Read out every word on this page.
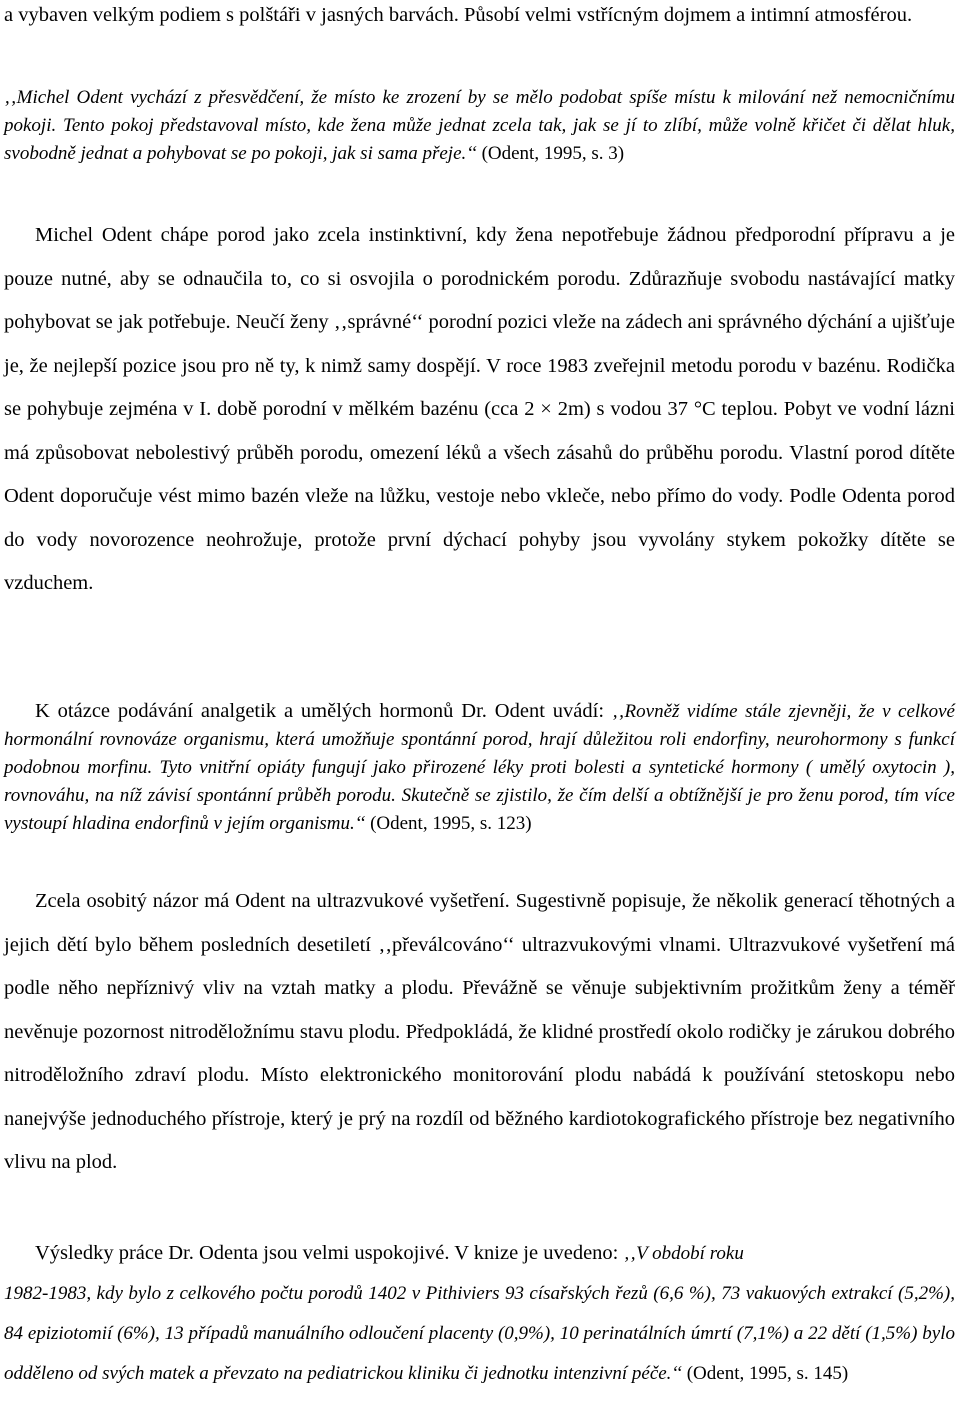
a vybaven velkým podiem s polštáři v jasných barvách. Působí velmi vstřícným dojmem a intimní atmosférou.

‚‚Michel Odent vychází z přesvědčení, že místo ke zrození by se mělo podobat spíše místu k milování než nemocničnímu pokoji. Tento pokoj představoval místo, kde žena může jednat zcela tak, jak se jí to zlíbí, může volně křičet či dělat hluk, svobodně jednat a pohybovat se po pokoji, jak si sama přeje.‘‘ (Odent, 1995, s. 3)

Michel Odent chápe porod jako zcela instinktivní, kdy žena nepotřebuje žádnou předporodní přípravu a je pouze nutné, aby se odnaučila to, co si osvojila o porodnickém porodu. Zdůrazňuje svobodu nastávající matky pohybovat se jak potřebuje. Neučí ženy ‚‚správné‘‘ porodní pozici vleže na zádech ani správného dýchání a ujišťuje je, že nejlepší pozice jsou pro ně ty, k nimž samy dospějí. V roce 1983 zveřejnil metodu porodu v bazénu. Rodička se pohybuje zejména v I. době porodní v mělkém bazénu (cca 2 × 2m) s vodou 37 °C teplou. Pobyt ve vodní lázni má způsobovat nebolestivý průběh porodu, omezení léků a všech zásahů do průběhu porodu. Vlastní porod dítěte Odent doporučuje vést mimo bazén vleže na lůžku, vestoje nebo vkleče, nebo přímo do vody. Podle Odenta porod do vody novorozence neohrožuje, protože první dýchací pohyby jsou vyvolány stykem pokožky dítěte se vzduchem.

K otázce podávání analgetik a umělých hormonů Dr. Odent uvádí: ‚‚Rovněž vidíme stále zjevněji, že v celkové hormonální rovnováze organismu, která umožňuje spontánní porod, hrají důležitou roli endorfiny, neurohormony s funkcí podobnou morfinu. Tyto vnitřní opiáty fungují jako přirozené léky proti bolesti a syntetické hormony ( umělý oxytocin ), rovnováhu, na níž závisí spontánní průběh porodu. Skutečně se zjistilo, že čím delší a obtížnější je pro ženu porod, tím více vystoupí hladina endorfinů v jejím organismu.‘‘ (Odent, 1995, s. 123)

Zcela osobitý názor má Odent na ultrazvukové vyšetření. Sugestivně popisuje, že několik generací těhotných a jejich dětí bylo během posledních desetiletí ‚‚převálcováno‘‘ ultrazvukovými vlnami. Ultrazvukové vyšetření má podle něho nepříznivý vliv na vztah matky a plodu. Převážně se věnuje subjektivním prožitkům ženy a téměř nevěnuje pozornost nitroděložnímu stavu plodu. Předpokládá, že klidné prostředí okolo rodičky je zárukou dobrého nitroděložního zdraví plodu. Místo elektronického monitorování plodu nabádá k používání stetoskopu nebo nanejvýše jednoduchého přístroje, který je prý na rozdíl od běžného kardiotokografického přístroje bez negativního vlivu na plod.

Výsledky práce Dr. Odenta jsou velmi uspokojivé. V knize je uvedeno: ‚‚V období roku

1982-1983, kdy bylo z celkového počtu porodů 1402 v Pithiviers 93 císařských řezů (6,6 %), 73 vakuových extrakcí (5,2%), 84 epiziotomií (6%), 13 případů manuálního odloučení placenty (0,9%), 10 perinatálních úmrtí (7,1%) a 22 dětí (1,5%) bylo odděleno od svých matek a převzato na pediatrickou kliniku či jednotku intenzivní péče.‘‘ (Odent, 1995, s. 145)
